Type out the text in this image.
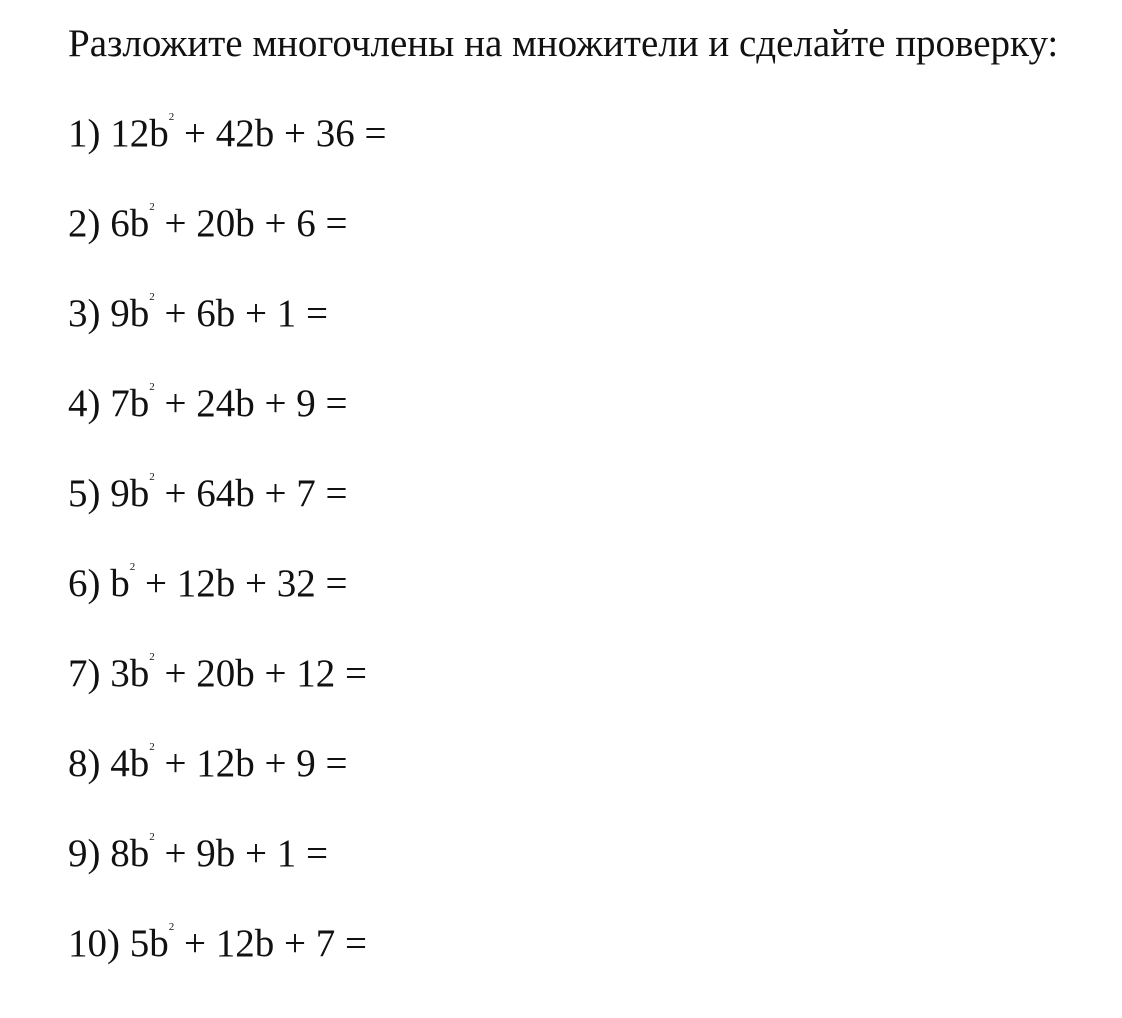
Разложите многочлены на множители и сделайте проверку:

1) $12b^2 + 42b + 36$ =
2) $6b^2 + 20b + 6$ =
3) $9b^2 + 6b + 1$ =
4) $7b^2 + 24b + 9$ =
5) $9b^2 + 64b + 7$ =
6) $b^2 + 12b + 32$ =
7) $3b^2 + 20b + 12$ =
8) $4b^2 + 12b + 9$ =
9) $8b^2 + 9b + 1$ =
10) $5b^2 + 12b + 7$ =
